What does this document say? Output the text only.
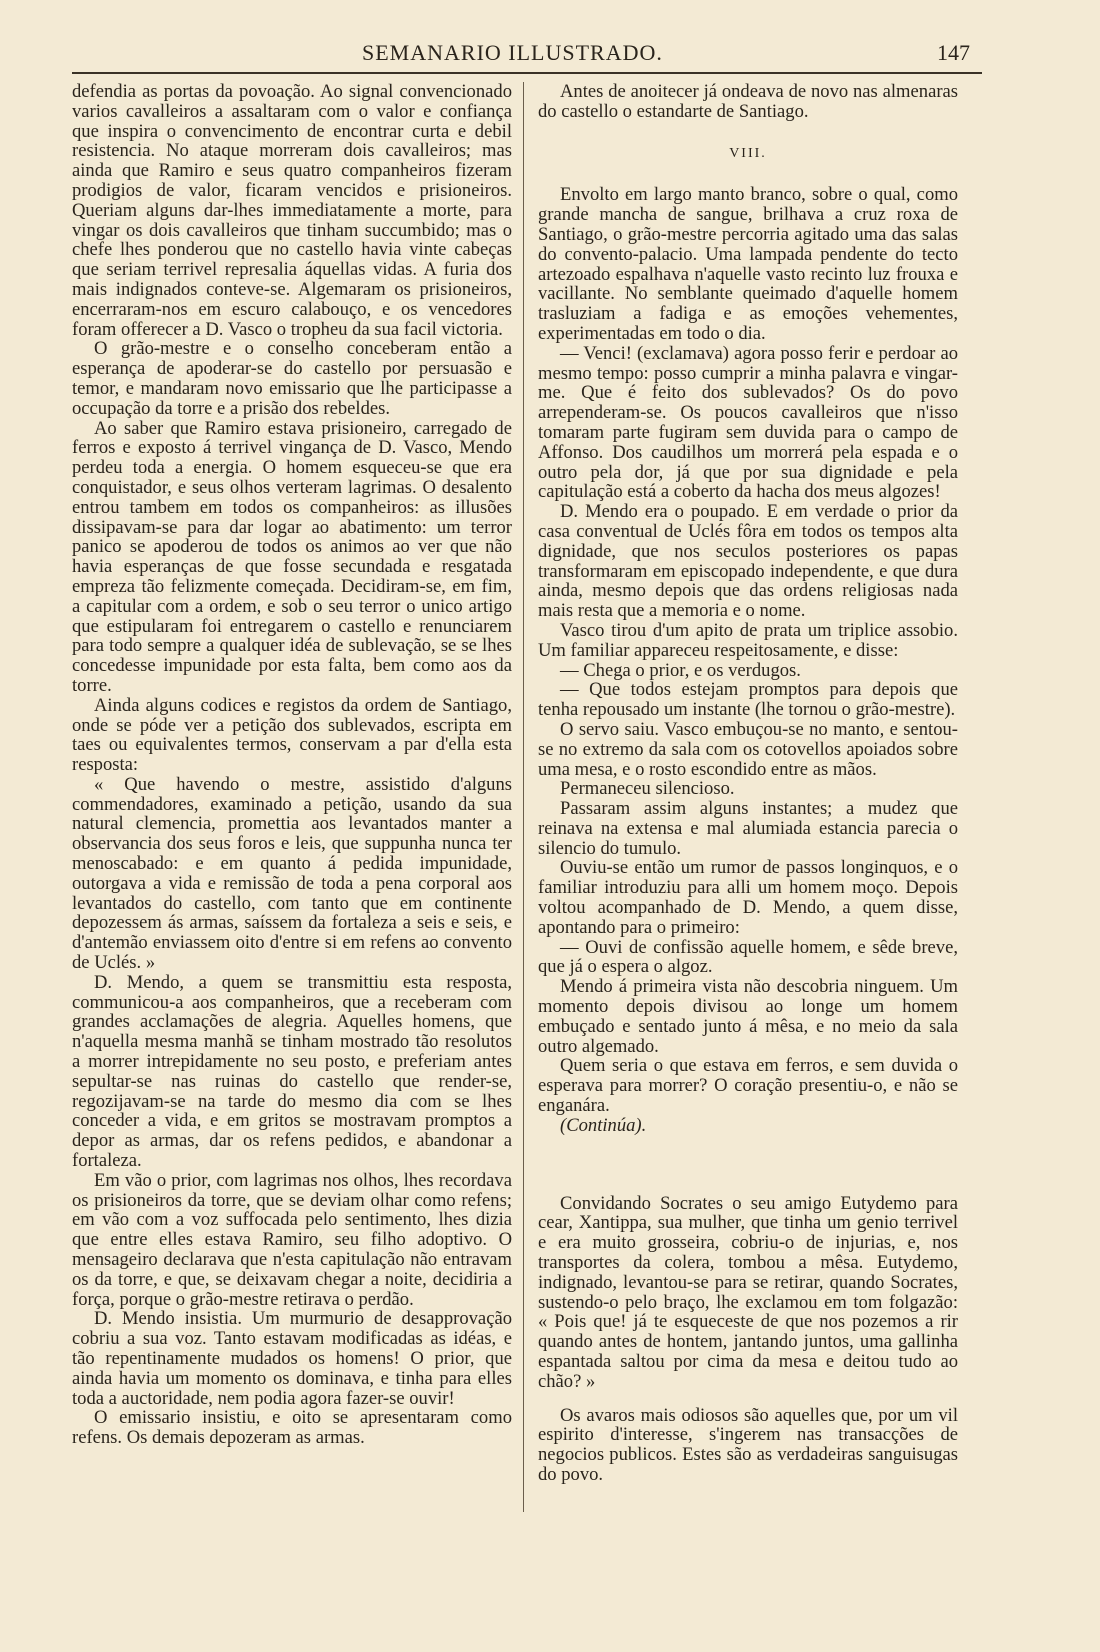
SEMANARIO ILLUSTRADO.	147

defendia as portas da povoação. Ao signal convencionado varios cavalleiros a assaltaram com o valor e confiança que inspira o convencimento de encontrar curta e debil resistencia. No ataque morreram dois cavalleiros; mas ainda que Ramiro e seus quatro companheiros fizeram prodigios de valor, ficaram vencidos e prisioneiros. Queriam alguns dar-lhes immediatamente a morte, para vingar os dois cavalleiros que tinham succumbido; mas o chefe lhes ponderou que no castello havia vinte cabeças que seriam terrivel represalia áquellas vidas. A furia dos mais indignados conteve-se. Algemaram os prisioneiros, encerraram-nos em escuro calabouço, e os vencedores foram offerecer a D. Vasco o tropheu da sua facil victoria.

O grão-mestre e o conselho conceberam então a esperança de apoderar-se do castello por persuasão e temor, e mandaram novo emissario que lhe participasse a occupação da torre e a prisão dos rebeldes.

Ao saber que Ramiro estava prisioneiro, carregado de ferros e exposto á terrivel vingança de D. Vasco, Mendo perdeu toda a energia. O homem esqueceu-se que era conquistador, e seus olhos verteram lagrimas. O desalento entrou tambem em todos os companheiros: as illusões dissipavam-se para dar logar ao abatimento: um terror panico se apoderou de todos os animos ao ver que não havia esperanças de que fosse secundada e resgatada empreza tão felizmente começada. Decidiram-se, em fim, a capitular com a ordem, e sob o seu terror o unico artigo que estipularam foi entregarem o castello e renunciarem para todo sempre a qualquer idéa de sublevação, se se lhes concedesse impunidade por esta falta, bem como aos da torre.

Ainda alguns codices e registos da ordem de Santiago, onde se póde ver a petição dos sublevados, escripta em taes ou equivalentes termos, conservam a par d'ella esta resposta:

« Que havendo o mestre, assistido d'alguns commendadores, examinado a petição, usando da sua natural clemencia, promettia aos levantados manter a observancia dos seus foros e leis, que suppunha nunca ter menoscabado: e em quanto á pedida impunidade, outorgava a vida e remissão de toda a pena corporal aos levantados do castello, com tanto que em continente depozessem ás armas, saíssem da fortaleza a seis e seis, e d'antemão enviassem oito d'entre si em refens ao convento de Uclés. »

D. Mendo, a quem se transmittiu esta resposta, communicou-a aos companheiros, que a receberam com grandes acclamações de alegria. Aquelles homens, que n'aquella mesma manhã se tinham mostrado tão resolutos a morrer intrepidamente no seu posto, e preferiam antes sepultar-se nas ruinas do castello que render-se, regozijavam-se na tarde do mesmo dia com se lhes conceder a vida, e em gritos se mostravam promptos a depor as armas, dar os refens pedidos, e abandonar a fortaleza.

Em vão o prior, com lagrimas nos olhos, lhes recordava os prisioneiros da torre, que se deviam olhar como refens; em vão com a voz suffocada pelo sentimento, lhes dizia que entre elles estava Ramiro, seu filho adoptivo. O mensageiro declarava que n'esta capitulação não entravam os da torre, e que, se deixavam chegar a noite, decidiria a força, porque o grão-mestre retirava o perdão.

D. Mendo insistia. Um murmurio de desapprovação cobriu a sua voz. Tanto estavam modificadas as idéas, e tão repentinamente mudados os homens! O prior, que ainda havia um momento os dominava, e tinha para elles toda a auctoridade, nem podia agora fazer-se ouvir!

O emissario insistiu, e oito se apresentaram como refens. Os demais depozeram as armas.

Antes de anoitecer já ondeava de novo nas almenaras do castello o estandarte de Santiago.

VIII.

Envolto em largo manto branco, sobre o qual, como grande mancha de sangue, brilhava a cruz roxa de Santiago, o grão-mestre percorria agitado uma das salas do convento-palacio. Uma lampada pendente do tecto artezoado espalhava n'aquelle vasto recinto luz frouxa e vacillante. No semblante queimado d'aquelle homem trasluziam a fadiga e as emoções vehementes, experimentadas em todo o dia.

— Venci! (exclamava) agora posso ferir e perdoar ao mesmo tempo: posso cumprir a minha palavra e vingar-me. Que é feito dos sublevados? Os do povo arrependeram-se. Os poucos cavalleiros que n'isso tomaram parte fugiram sem duvida para o campo de Affonso. Dos caudilhos um morrerá pela espada e o outro pela dor, já que por sua dignidade e pela capitulação está a coberto da hacha dos meus algozes!

D. Mendo era o poupado. E em verdade o prior da casa conventual de Uclés fôra em todos os tempos alta dignidade, que nos seculos posteriores os papas transformaram em episcopado independente, e que dura ainda, mesmo depois que das ordens religiosas nada mais resta que a memoria e o nome.

Vasco tirou d'um apito de prata um triplice assobio. Um familiar appareceu respeitosamente, e disse:

— Chega o prior, e os verdugos.

— Que todos estejam promptos para depois que tenha repousado um instante (lhe tornou o grão-mestre).

O servo saiu. Vasco embuçou-se no manto, e sentou-se no extremo da sala com os cotovellos apoiados sobre uma mesa, e o rosto escondido entre as mãos.

Permaneceu silencioso.

Passaram assim alguns instantes; a mudez que reinava na extensa e mal alumiada estancia parecia o silencio do tumulo.

Ouviu-se então um rumor de passos longinquos, e o familiar introduziu para alli um homem moço. Depois voltou acompanhado de D. Mendo, a quem disse, apontando para o primeiro:

— Ouvi de confissão aquelle homem, e sêde breve, que já o espera o algoz.

Mendo á primeira vista não descobria ninguem. Um momento depois divisou ao longe um homem embuçado e sentado junto á mêsa, e no meio da sala outro algemado.

Quem seria o que estava em ferros, e sem duvida o esperava para morrer? O coração presentiu-o, e não se enganára.

(Continúa).

Convidando Socrates o seu amigo Eutydemo para cear, Xantippa, sua mulher, que tinha um genio terrivel e era muito grosseira, cobriu-o de injurias, e, nos transportes da colera, tombou a mêsa. Eutydemo, indignado, levantou-se para se retirar, quando Socrates, sustendo-o pelo braço, lhe exclamou em tom folgazão: « Pois que! já te esqueceste de que nos pozemos a rir quando antes de hontem, jantando juntos, uma gallinha espantada saltou por cima da mesa e deitou tudo ao chão? »

Os avaros mais odiosos são aquelles que, por um vil espirito d'interesse, s'ingerem nas transacções de negocios publicos. Estes são as verdadeiras sanguisugas do povo.
